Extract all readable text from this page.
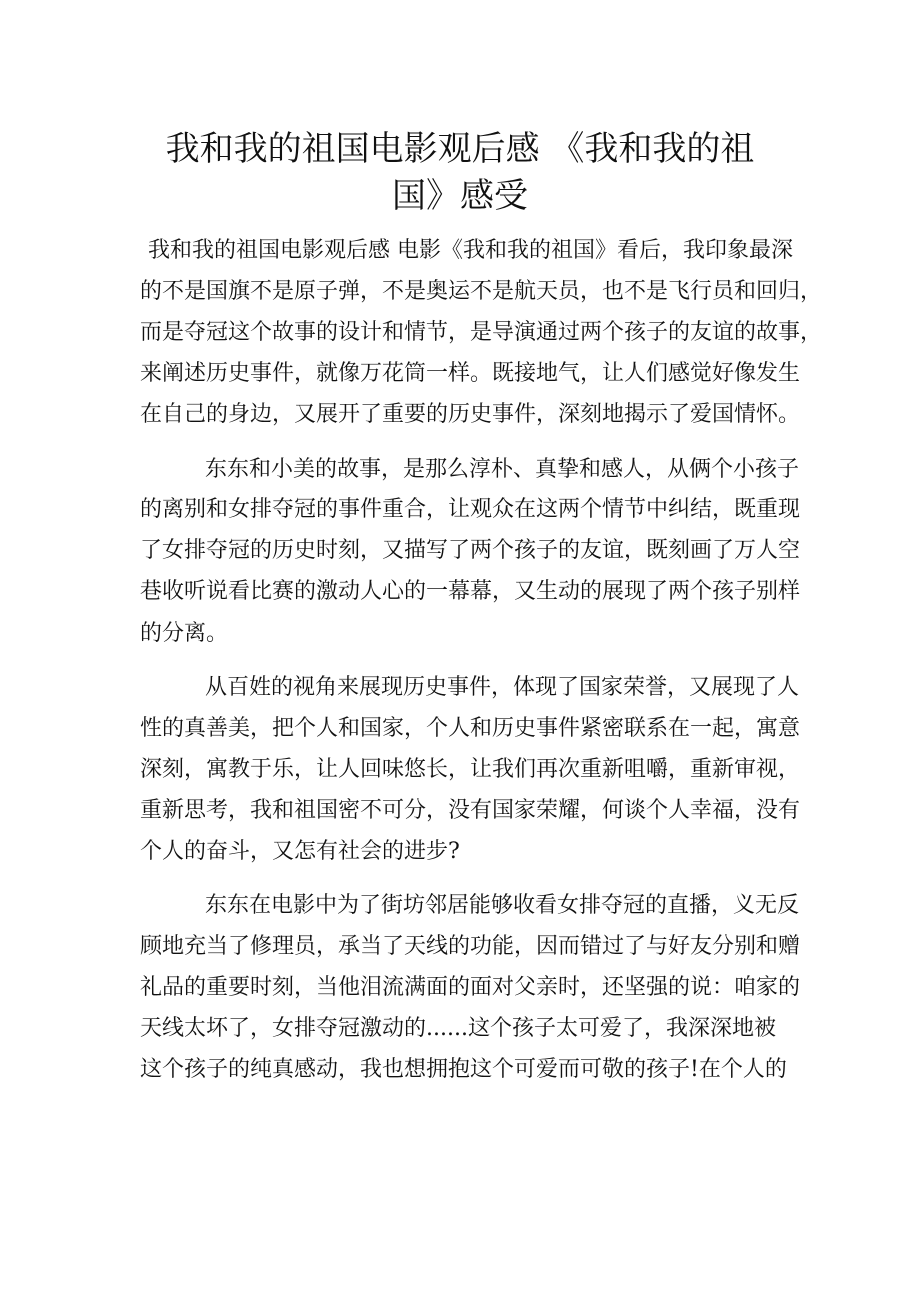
我和我的祖国电影观后感 《我和我的祖
国》感受
我和我的祖国电影观后感 电影《我和我的祖国》看后，我印象最深
的不是国旗不是原子弹，不是奥运不是航天员，也不是飞行员和回归，
而是夺冠这个故事的设计和情节，是导演通过两个孩子的友谊的故事，
来阐述历史事件，就像万花筒一样。既接地气，让人们感觉好像发生
在自己的身边，又展开了重要的历史事件，深刻地揭示了爱国情怀。
东东和小美的故事，是那么淳朴、真挚和感人，从俩个小孩子
的离别和女排夺冠的事件重合，让观众在这两个情节中纠结，既重现
了女排夺冠的历史时刻，又描写了两个孩子的友谊，既刻画了万人空
巷收听说看比赛的激动人心的一幕幕，又生动的展现了两个孩子别样
的分离。
从百姓的视角来展现历史事件，体现了国家荣誉，又展现了人
性的真善美，把个人和国家，个人和历史事件紧密联系在一起，寓意
深刻，寓教于乐，让人回味悠长，让我们再次重新咀嚼，重新审视，
重新思考，我和祖国密不可分，没有国家荣耀，何谈个人幸福，没有
个人的奋斗，又怎有社会的进步?
东东在电影中为了街坊邻居能够收看女排夺冠的直播，义无反
顾地充当了修理员，承当了天线的功能，因而错过了与好友分别和赠
礼品的重要时刻，当他泪流满面的面对父亲时，还坚强的说：咱家的
天线太坏了，女排夺冠激动的......这个孩子太可爱了，我深深地被
这个孩子的纯真感动，我也想拥抱这个可爱而可敬的孩子!在个人的
